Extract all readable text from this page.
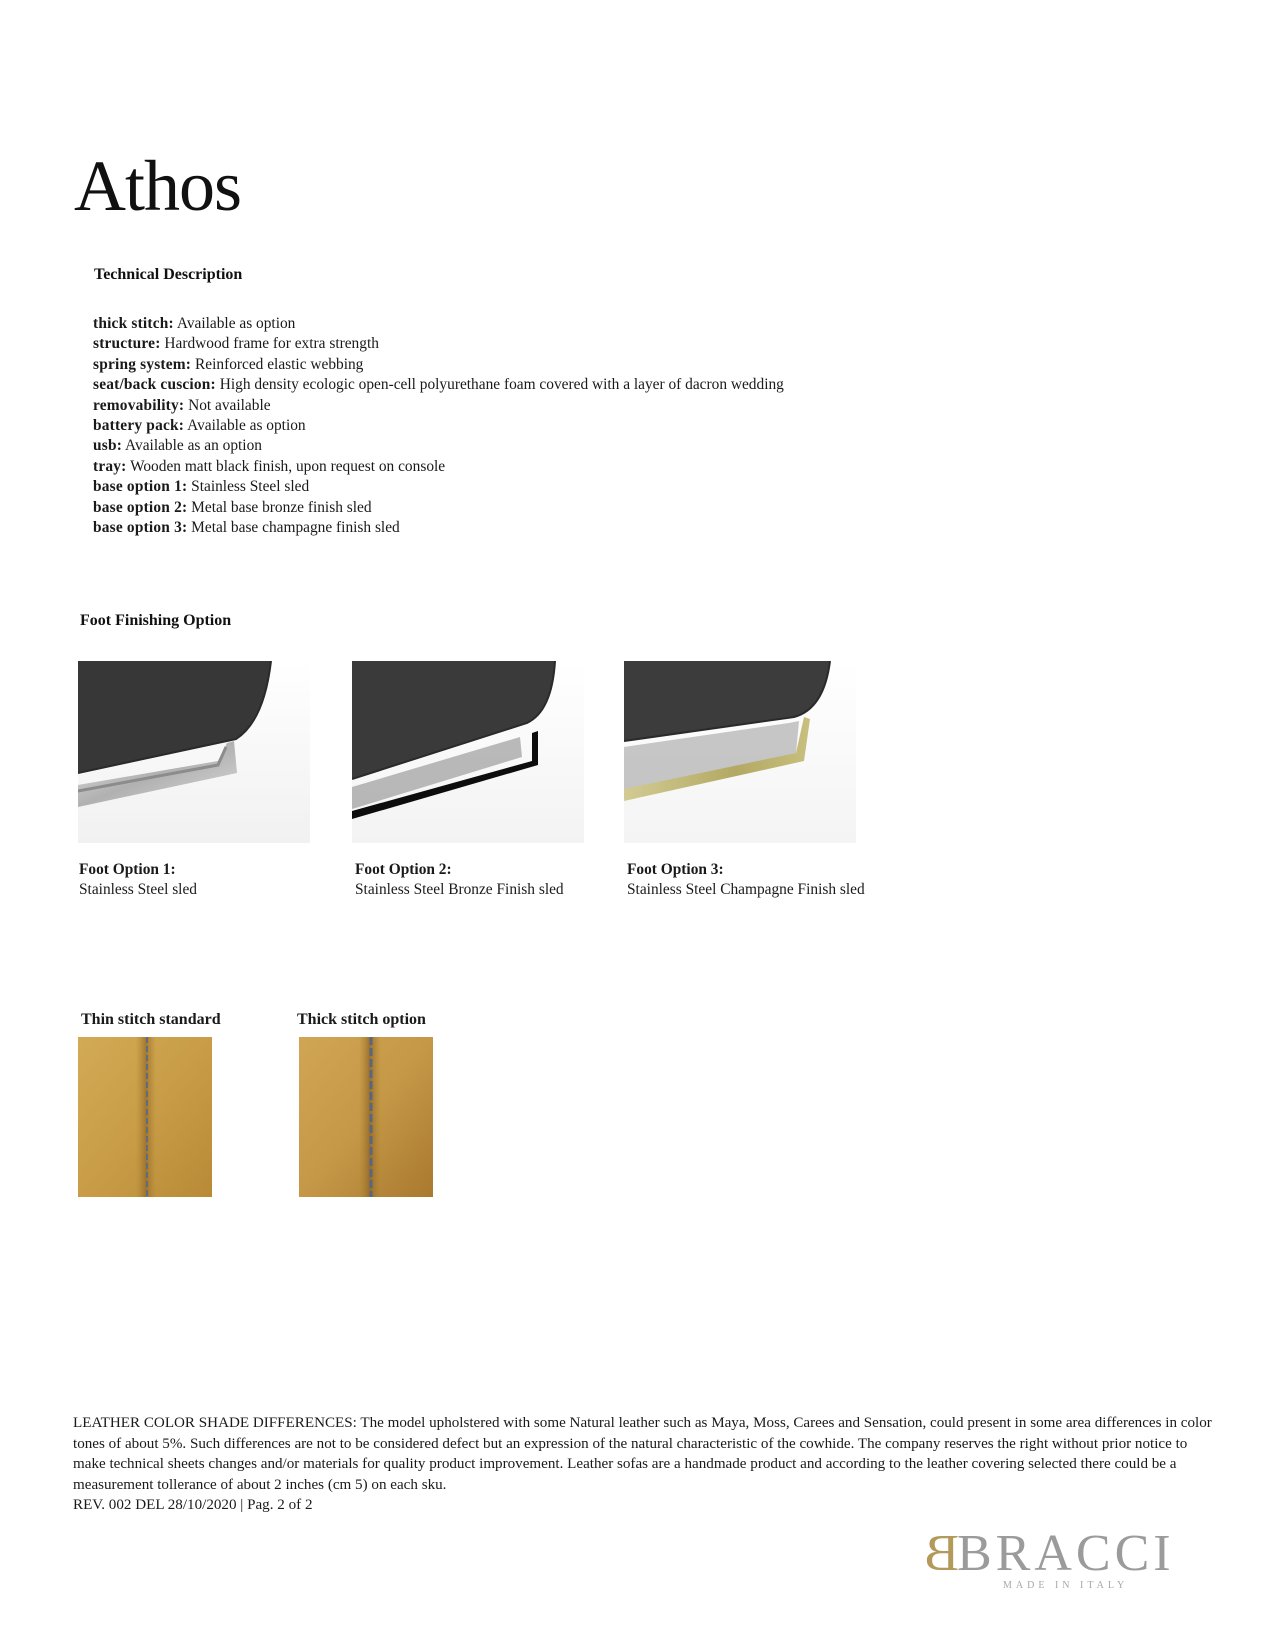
Athos
Technical Description
thick stitch: Available as option
structure: Hardwood frame for extra strength
spring system: Reinforced elastic webbing
seat/back cuscion: High density ecologic open-cell polyurethane foam covered with a layer of dacron wedding
removability: Not available
battery pack: Available as option
usb: Available as an option
tray: Wooden matt black finish, upon request on console
base option 1: Stainless Steel sled
base option 2: Metal base bronze finish sled
base option 3: Metal base champagne finish sled
Foot Finishing Option
Foot Option 1:
Stainless Steel sled
Foot Option 2:
Stainless Steel Bronze Finish sled
Foot Option 3:
Stainless Steel Champagne Finish sled
Thin stitch standard	Thick stitch option
LEATHER COLOR SHADE DIFFERENCES: The model upholstered with some Natural leather such as Maya, Moss, Carees and Sensation, could present in some area differences in color tones of about 5%. Such differences are not to be considered defect but an expression of the natural characteristic of the cowhide. The company reserves the right without prior notice to make technical sheets changes and/or materials for quality product improvement. Leather sofas are a handmade product and according to the leather covering selected there could be a measurement tollerance of about 2 inches (cm 5) on each sku.
REV. 002 DEL 28/10/2020 | Pag. 2 of 2
B
BRACCI
MADE IN ITALY
